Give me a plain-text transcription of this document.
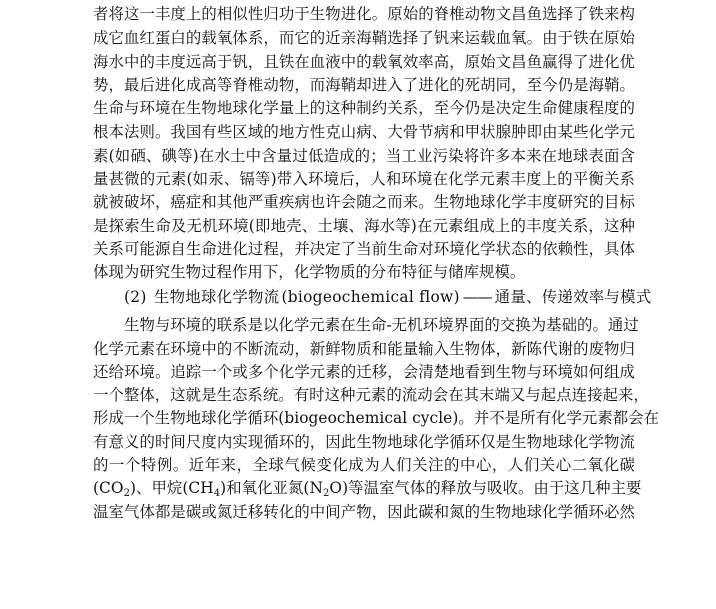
者将这一丰度上的相似性归功于生物进化。原始的脊椎动物文昌鱼选择了铁来构
成它血红蛋白的载氧体系，而它的近亲海鞘选择了钒来运载血氧。由于铁在原始
海水中的丰度远高于钒，且铁在血液中的载氧效率高，原始文昌鱼赢得了进化优
势，最后进化成高等脊椎动物，而海鞘却进入了进化的死胡同，至今仍是海鞘。
生命与环境在生物地球化学量上的这种制约关系，至今仍是决定生命健康程度的
根本法则。我国有些区域的地方性克山病、大骨节病和甲状腺肿即由某些化学元
素(如硒、碘等)在水土中含量过低造成的；当工业污染将许多本来在地球表面含
量甚微的元素(如汞、镉等)带入环境后，人和环境在化学元素丰度上的平衡关系
就被破坏，癌症和其他严重疾病也许会随之而来。生物地球化学丰度研究的目标
是探索生命及无机环境(即地壳、土壤、海水等)在元素组成上的丰度关系，这种
关系可能源自生命进化过程，并决定了当前生命对环境化学状态的依赖性，具体
体现为研究生物过程作用下，化学物质的分布特征与储库规模。
(2) 生物地球化学物流 (biogeochemical flow) —— 通量、传递效率与模式
生物与环境的联系是以化学元素在生命-无机环境界面的交换为基础的。通过
化学元素在环境中的不断流动，新鲜物质和能量输入生物体，新陈代谢的废物归
还给环境。追踪一个或多个化学元素的迁移，会清楚地看到生物与环境如何组成
一个整体，这就是生态系统。有时这种元素的流动会在其末端又与起点连接起来，
形成一个生物地球化学循环(biogeochemical cycle)。并不是所有化学元素都会在
有意义的时间尺度内实现循环的，因此生物地球化学循环仅是生物地球化学物流
的一个特例。近年来，全球气候变化成为人们关注的中心，人们关心二氧化碳
$(CO_2)$、甲烷$(CH_4)$和氧化亚氮$(N_2O)$等温室气体的释放与吸收。由于这几种主要
温室气体都是碳或氮迁移转化的中间产物，因此碳和氮的生物地球化学循环必然
